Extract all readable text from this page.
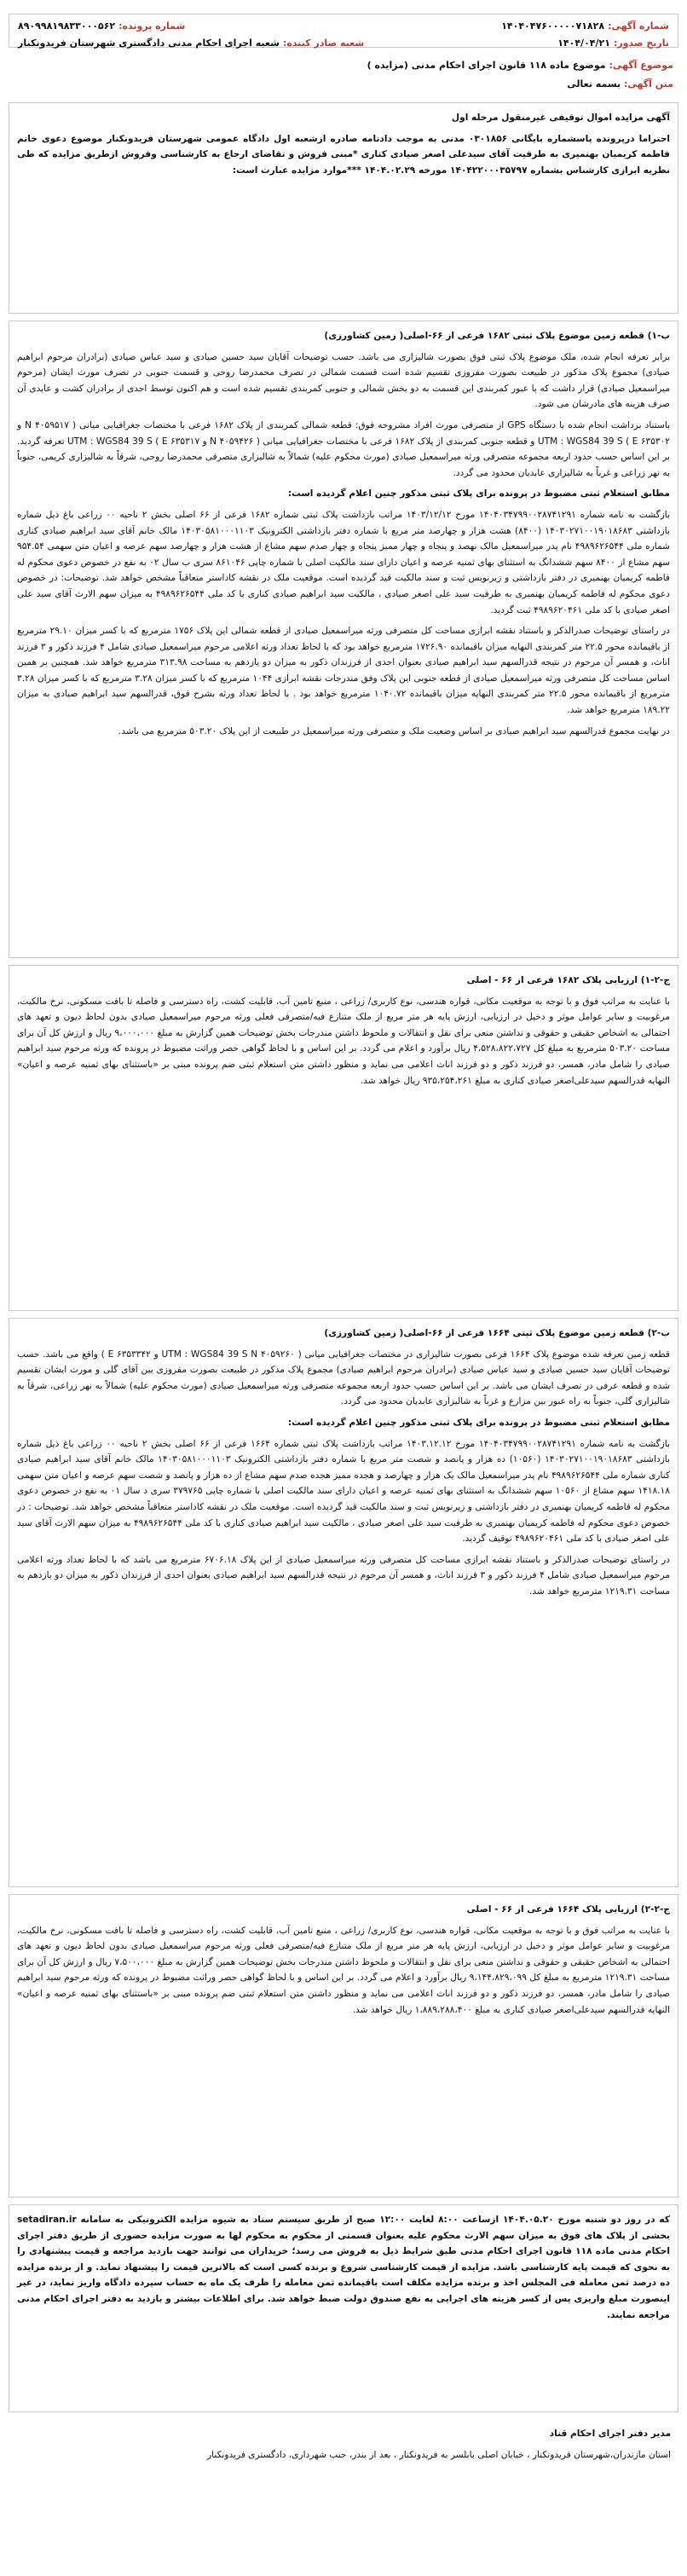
شماره آگهی:
۱۴۰۴۰۴۷۶۰۰۰۰۰۷۱۸۲۸
شماره پرونده:
۸۹۰۹۹۸۱۹۸۳۳۰۰۰۵۶۲
تاریخ صدور:
۱۴۰۴/۰۴/۲۱
شعبه صادر کننده:
شعبه اجرای احکام مدنی دادگستری شهرستان فریدونکنار
موضوع آگهی: موضوع ماده ۱۱۸ قانون اجرای احکام مدنی (مزایده )
متن آگهی: بسمه تعالی

آگهی مزایده اموال توقیفی غیرمنقول مرحله اول

احتراما درپرونده پاسشماره بایگانی ۰۳۰۱۸۵۶ مدنی به موجب دادنامه صادره ازشعبه اول دادگاه عمومی شهرستان فریدونکنار موضوع دعوی خانم فاطمه کریمیان بهنمیری به طرفیت آقای سیدعلی اصغر صیادی کناری *مبنی فروش و تقاضای ارجاع به کارشناسی وفروش ازطریق مزایده که طی نظریه ابرازی کارشناس بشماره ۱۴۰۴۲۲۰۰۰۳۵۷۹۷ مورخه ۱۴۰۴.۰۲.۲۹ ***موارد مزایده عبارت است:

ب-۱) قطعه زمین موضوع پلاک ثبتی ۱۶۸۲ فرعی از ۶۶-اصلی( زمین کشاورزی)

برابر تعرفه انجام شده، ملک موضوع پلاک ثبتی فوق بصورت شالیزاری می باشد. حسب توضیحات آقایان سید حسین صیادی و سید عباس صیادی (برادران مرحوم ابراهیم صیادی) مجموع پلاک مذکور در طبیعت بصورت مفروزی تقسیم شده است قسمت شمالی در تصرف محمدرضا روحی و قسمت جنوبی در تصرف مورث ایشان (مرحوم میراسمعیل صیادی) قرار داشت که با عبور کمربندی این قسمت به دو بخش شمالی و جنوبی کمربندی تقسیم شده است و هم اکنون توسط احدی از برادران کشت و عایدی آن صرف هزینه های مادرشان می شود.

باستناد برداشت انجام شده با دستگاه GPS از متصرفی مورث افراد مشروحه فوق: قطعه شمالی کمربندی از پلاک ۱۶۸۲ فرعی با مختصات جغرافیایی میانی ( ۴۰۵۹۵۱۷ N و ۶۳۵۳۰۲ E ) UTM : WGS84 39 S و قطعه جنوبی کمربندی از پلاک ۱۶۸۲ فرعی با مختصات جغرافیایی میانی ( ۴۰۵۹۴۲۶ N و ۶۳۵۳۱۷ E ) UTM : WGS84 39 S تعرفه گردید. بر این اساس حسب حدود اربعه مجموعه متصرفی ورثه میراسمعیل صیادی (مورث محکوم علیه) شمالاً به شالیزاری متصرفی محمدرضا روحی، شرقاً به شالیزاری کریمی، جنوباً به نهر زراعی و غرباً به شالیزاری عابدیان محدود می گردد.

مطابق استعلام ثبتی مضبوط در پرونده برای پلاک ثبتی مذکور چنین اعلام گردیده است:

بازگشت به نامه شماره ۱۴۰۴۰۳۴۷۹۹۰۰۲۸۷۴۱۲۹۱ مورخ ۱۴۰۳/۱۲/۱۲ مراتب بازداشت پلاک ثبتی شماره ۱۶۸۲ فرعی از ۶۶ اصلی بخش ۲ ناحیه ۰۰ زراعی باغ ذیل شماره بازداشتی ۱۴۰۳۰۲۷۱۰۰۱۹۰۱۸۶۸۳ (۸۴۰۰) هشت هزار و چهارصد متر مربع با شماره دفتر بازداشتی الکترونیک ۱۴۰۳۰۵۸۱۰۰۰۱۱۰۳ مالک خانم آقای سید ابراهیم صیادی کناری شماره ملی ۴۹۸۹۶۲۶۵۴۴ نام پدر میراسمعیل مالک نهصد و پنجاه و چهار ممیز پنجاه و چهار صدم سهم مشاع از هشت هزار و چهارصد سهم عرصه و اعیان متن سهمی ۹۵۴.۵۴ سهم مشاع از ۸۴۰۰ سهم ششدانگ به استثنای بهای ثمنیه عرصه و اعیان دارای سند مالکیت اصلی با شماره چاپی ۸۶۱۰۴۶ سری ب سال ۰۲ به نفع در خصوص دعوی محکوم له فاطمه کریمیان بهنمیری در دفتر بازداشتی و زیرنویس ثبت و سند مالکیت قید گردیده است. موقعیت ملک در نقشه کاداستر متعاقباً مشخص خواهد شد. توضیحات: در خصوص دعوی محکوم له فاطمه کریمیان بهنمیری به طرفیت سید علی اصغر صیادی ، مالکیت سید ابراهیم صیادی کناری با کد ملی ۴۹۸۹۶۲۶۵۴۴ به میزان سهم الارث آقای سید علی اصغر صیادی با کد ملی ۴۹۸۹۶۲۰۴۶۱ ثبت گردید.

در راستای توضیحات صدرالذکر و باستناد نقشه ابرازی مساحت کل متصرفی ورثه میراسمعیل صیادی از قطعه شمالی این پلاک ۱۷۵۶ مترمربع که با کسر میزان ۲۹.۱۰ مترمربع از باقیمانده محور ۲۲.۵ متر کمربندی النهایه میزان باقیمانده ۱۷۲۶.۹۰ مترمربع خواهد بود که با لحاظ تعداد ورثه اعلامی مرحوم میراسمعیل صیادی شامل ۴ فرزند ذکور و ۳ فرزند اناث، و همسر آن مرحوم در نتیجه قدرالسهم سید ابراهیم صیادی بعنوان احدی از فرزندان ذکور به میزان دو یازدهم به مساحت ۳۱۳.۹۸ مترمربع خواهد شد. همچنین بر همین اساس مساحت کل متصرفی ورثه میراسمعیل صیادی از قطعه جنوبی این پلاک وفق مندرجات نقشه ابرازی ۱۰۴۴ مترمربع که با کسر میزان ۳.۲۸ مترمربع که با کسر میزان ۳.۲۸ مترمربع از باقیمانده محور ۲۲.۵ متر کمربندی النهایه میزان باقیمانده ۱۰۴۰.۷۲ مترمربع خواهد بود . با لحاظ تعداد ورثه بشرح فوق، قدرالسهم سید ابراهیم صیادی به میزان ۱۸۹.۲۲ مترمربع خواهد شد.

در نهایت مجموع قدرالسهم سید ابراهیم صیادی بر اساس وضعیت ملک و متصرفی ورثه میراسمعیل در طبیعت از این پلاک ۵۰۳.۲۰ مترمربع می باشد.

ج-۲-۱) ارزیابی پلاک ۱۶۸۲ فرعی از ۶۶ - اصلی

با عنایت به مراتب فوق و با توجه به موقعیت مکانی، قواره هندسی، نوع کاربری/ زراعی ، منبع تامین آب، قابلیت کشت، راه دسترسی و فاصله تا بافت مسکونی، نرخ مالکیت، مرغوبیت و سایر عوامل موثر و دخیل در ارزیابی، ارزش پایه هر متر مربع از ملک متنازع فیه/متصرفی فعلی ورثه مرحوم میراسمعیل صیادی بدون لحاظ دیون و تعهد های احتمالی به اشخاص حقیقی و حقوقی و نداشتن منعی برای نقل و انتقالات و ملحوظ داشتن مندرجات بخش توضیحات همین گزارش به مبلغ ۹،۰۰۰،۰۰۰ ریال و ارزش کل آن برای مساحت ۵۰۳.۲۰ مترمربع به مبلغ کل ۴،۵۲۸،۸۲۲،۷۲۷ ریال برآورد و اعلام می گردد. بر این اساس و با لحاظ گواهی حصر وراثت مضبوط در پرونده که ورثه مرحوم سید ابراهیم صیادی را شامل مادر، همسر، دو فرزند ذکور و دو فرزند اناث اعلامی می نماید و منظور داشتن متن استعلام ثبتی ضم پرونده مبنی بر «باستثنای بهای ثمنیه عرصه و اعیان» النهایه قدرالسهم سیدعلی‌اصغر صیادی کناری به مبلغ ۹۳۵،۲۵۴،۲۶۱ ریال خواهد شد.

ب-۲) قطعه زمین موضوع پلاک ثبتی ۱۶۶۴ فرعی از ۶۶-اصلی( زمین کشاورزی)

قطعه زمین تعرفه شده موضوع پلاک ۱۶۶۴ فرعی بصورت شالیزاری در مختصات جغرافیایی میانی ( UTM : WGS84 39 S N ۴۰۵۹۲۶۰ و E ۶۳۵۳۳۴۲ ) واقع می باشد. حسب توضیحات آقایان سید حسین صیادی و سید عباس صیادی (برادران مرحوم ابراهیم صیادی) مجموع پلاک مذکور در طبیعت بصورت مفروزی بین آقای گلی و مورث ایشان تقسیم شده و قطعه عرفی در تصرف ایشان می باشد. بر این اساس حسب حدود اربعه مجموعه متصرفی ورثه میراسمعیل صیادی (مورث محکوم علیه) شمالاً به نهر زراعی، شرقاً به شالیزاری گلی، جنوباً به راه عبور بین مزارع و غرباً به شالیزاری عابدیان محدود می گردد.

مطابق استعلام ثبتی مضبوط در پرونده برای پلاک ثبتی مذکور چنین اعلام گردیده است:

بازگشت به نامه شماره ۱۴۰۴۰۳۴۷۹۹۰۰۲۸۷۴۱۲۹۱ مورخ ۱۴۰۳.۱۲.۱۲ مراتب بازداشت پلاک ثبتی شماره ۱۶۶۴ فرعی از ۶۶ اصلی بخش ۲ ناحیه ۰۰ زراعی باغ ذیل شماره بازداشتی ۱۴۰۳۰۲۷۱۰۰۱۹۰۱۸۶۸۳ (۱۰۵۶۰) ده هزار و پانصد و شصت متر مربع با شماره دفتر بازداشتی الکترونیک ۱۴۰۳۰۵۸۱۰۰۰۱۱۰۳ مالک خانم آقای سید ابراهیم صیادی کناری شماره ملی ۴۹۸۹۶۲۶۵۴۴ نام پدر میراسمعیل مالک یک هزار و چهارصد و هجده ممیز هجده صدم سهم مشاع از ده هزار و پانصد و شصت سهم عرصه و اعیان متن سهمی ۱۴۱۸.۱۸ سهم مشاع از ۱۰۵۶۰ سهم ششدانگ به استثنای بهای ثمنیه عرصه و اعیان دارای سند مالکیت اصلی با شماره چاپی ۳۷۹۷۶۵ سری د سال ۰۱ به نفع در خصوص دعوی محکوم له فاطمه کریمیان بهنمیری در دفتر بازداشتی و زیرنویس ثبت و سند مالکیت قید گردیده است. موقعیت ملک در نقشه کاداستر متعاقباً مشخص خواهد شد. توضیحات : در خصوص دعوی محکوم له فاطمه کریمیان بهنمیری به طرفیت سید علی اصغر صیادی ، مالکیت سید ابراهیم صیادی کناری با کد ملی ۴۹۸۹۶۲۶۵۴۴ به میزان سهم الارث آقای سید علی اصغر صیادی با کد ملی ۴۹۸۹۶۲۰۴۶۱ توقیف گردید.

در راستای توضیحات صدرالذکر و باستناد نقشه ابرازی مساحت کل متصرفی ورثه میراسمعیل صیادی از این پلاک ۶۷۰۶.۱۸ مترمربع می باشد که با لحاظ تعداد ورثه اعلامی مرحوم میراسمعیل صیادی شامل ۴ فرزند ذکور و ۳ فرزند اناث، و همسر آن مرحوم در نتیجه قدرالسهم سید ابراهیم صیادی بعنوان احدی از فرزندان ذکور به میزان دو یازدهم به مساحت ۱۲۱۹.۳۱ مترمربع خواهد شد.

ج-۲-۲) ارزیابی پلاک ۱۶۶۴ فرعی از ۶۶ - اصلی

با عنایت به مراتب فوق و با توجه به موقعیت مکانی، قواره هندسی، نوع کاربری/ زراعی ، منبع تامین آب، قابلیت کشت، راه دسترسی و فاصله تا بافت مسکونی، نرخ مالکیت، مرغوبیت و سایر عوامل موثر و دخیل در ارزیابی، ارزش پایه هر متر مربع از ملک متنازع فیه/متصرفی فعلی ورثه مرحوم میراسمعیل صیادی بدون لحاظ دیون و تعهد های احتمالی به اشخاص حقیقی و حقوقی و نداشتن منعی برای نقل و انتقالات و ملحوظ داشتن مندرجات بخش توضیحات همین گزارش به مبلغ ۷،۵۰۰،۰۰۰ ریال و ارزش کل آن برای مساحت ۱۲۱۹.۳۱ مترمربع به مبلغ کل ۹،۱۴۴،۸۲۹،۰۹۹ ریال برآورد و اعلام می گردد. بر این اساس و با لحاظ گواهی حصر وراثت مضبوط در پرونده که ورثه مرحوم سید ابراهیم صیادی را شامل مادر، همسر، دو فرزند ذکور و دو فرزند اناث اعلامی می نماید و منظور داشتن متن استعلام ثبتی ضم پرونده مبنی بر «باستثنای بهای ثمنیه عرصه و اعیان» النهایه قدرالسهم سیدعلی‌اصغر صیادی کناری به مبلغ ۱،۸۸۹،۲۸۸،۴۰۰ ریال خواهد شد.

که در روز دو شنبه مورخ ۱۴۰۴.۰۵.۲۰ ازساعت ۸:۰۰ لغایت ۱۲:۰۰ صبح از طریق سیستم ستاد به شیوه مزایده الکترونیکی به سامانه setadiran.ir بخشی از پلاک های فوق به میزان سهم الارث محکوم علیه بعنوان قسمتی از محکوم به محکوم لها به صورت مزایده حضوری از طریق دفتر اجرای احکام مدنی ماده ۱۱۸ قانون اجرای احکام مدنی طبق شرایط ذیل به فروش می رسد؛ خریداران می توانند جهت بازدید مراجعه و قیمت پیشنهادی را به نحوی که قیمت پایه کارشناسی باشد. مزایده از قیمت کارشناسی شروع و برنده کسی است که بالاترین قیمت را پیشنهاد نماید. و از برنده مزایده ده درصد ثمن معامله فی المجلس اخذ و برنده مزایده مکلف است باقیمانده ثمن معامله را ظرف یک ماه به حساب سپرده دادگاه واریز نماید، در غیر اینصورت مبلغ واریزی پس از کسر هزینه های اجرایی به نفع صندوق دولت ضبط خواهد شد. برای اطلاعات بیشتر و بازدید به دفتر اجرای احکام مدنی مراجعه نمایند.

مدیر دفتر اجرای احکام قناد

استان مازندران،شهرستان فریدونکنار ، خیابان اصلی بابلسر به فریدونکنار ، بعد از بندر، جنب شهرداری، دادگستری فریدونکنار
